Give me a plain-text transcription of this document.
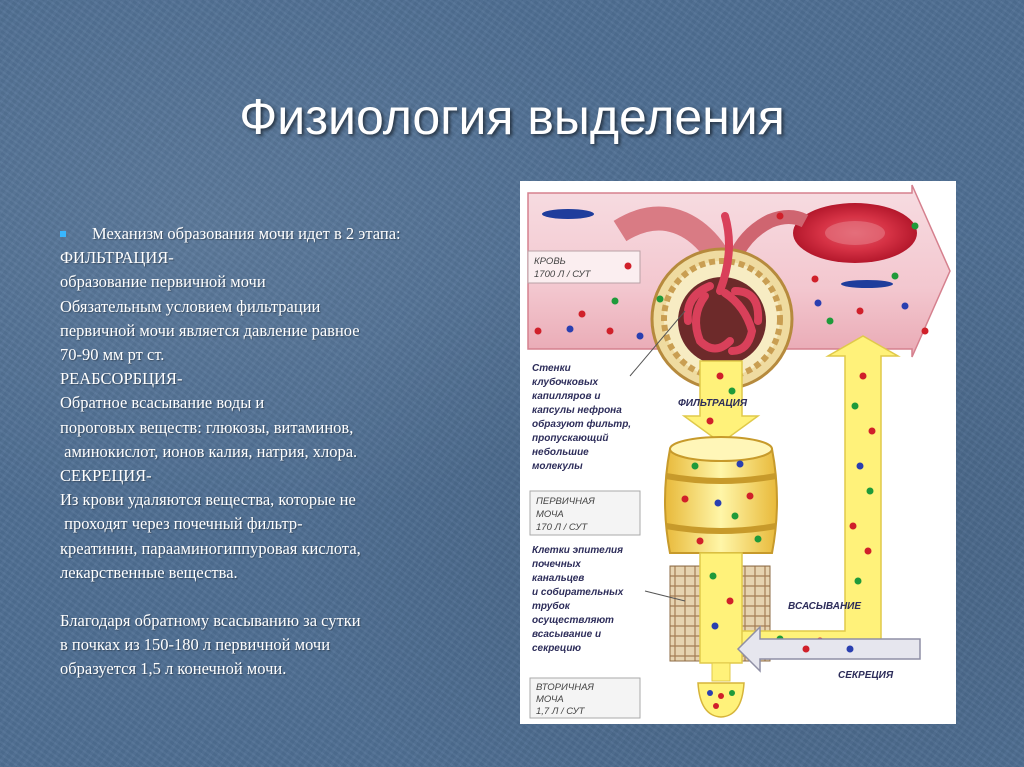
Физиология выделения
Механизм образования мочи идет в 2 этапа:
ФИЛЬТРАЦИЯ-
образование первичной мочи
Обязательным условием фильтрации
первичной мочи является давление равное
70-90 мм рт ст.
РЕАБСОРБЦИЯ-
Обратное всасывание воды и
пороговых веществ: глюкозы, витаминов,
аминокислот, ионов калия, натрия, хлора.
СЕКРЕЦИЯ-
Из крови удаляются вещества, которые не
проходят через почечный фильтр-
креатинин, парааминогиппуровая кислота,
лекарственные вещества.
Благодаря обратному всасыванию за сутки
в почках из 150-180 л первичной мочи
образуется 1,5 л конечной мочи.
КРОВЬ
1700 Л / СУТ
ФИЛЬТРАЦИЯ
ВСАСЫВАНИЕ
СЕКРЕЦИЯ
Стенки
клубочковых
капилляров и
капсулы нефрона
образуют фильтр,
пропускающий
небольшие
молекулы
ПЕРВИЧНАЯ
МОЧА
170 Л / СУТ
Клетки эпителия
почечных
канальцев
и собирательных
трубок
осуществляют
всасывание и
секрецию
ВТОРИЧНАЯ
МОЧА
1,7 Л / СУТ
